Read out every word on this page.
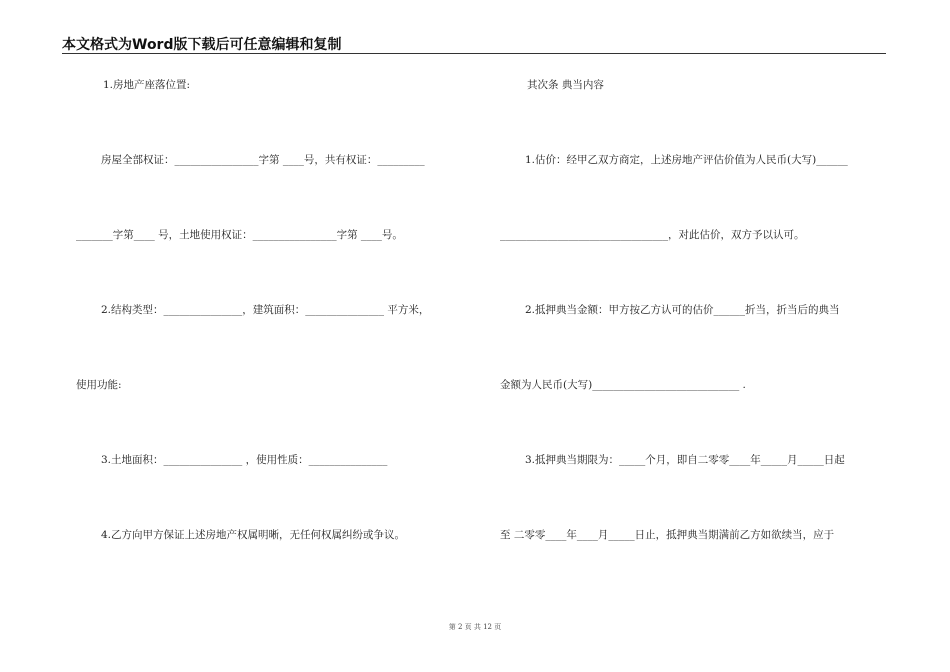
本文格式为Word版下载后可任意编辑和复制
1.房地产座落位置:
房屋全部权证：________________字第 ____号，共有权证：_________
_______字第____ 号，土地使用权证：________________字第 ____号。
2.结构类型：_______________，建筑面积：_______________ 平方米，
使用功能:
3.土地面积：_______________ ，使用性质：_______________
4.乙方向甲方保证上述房地产权属明晰，无任何权属纠纷或争议。
其次条 典当内容
1.估价：经甲乙双方商定，上述房地产评估价值为人民币(大写)______
________________________________，对此估价，双方予以认可。
2.抵押典当金额：甲方按乙方认可的估价______折当，折当后的典当
金额为人民币(大写)____________________________ .
3.抵押典当期限为：_____个月，即自二零零____年_____月_____日起
至 二零零____年____月_____日止，抵押典当期满前乙方如欲续当，应于
第 2 页 共 12 页
